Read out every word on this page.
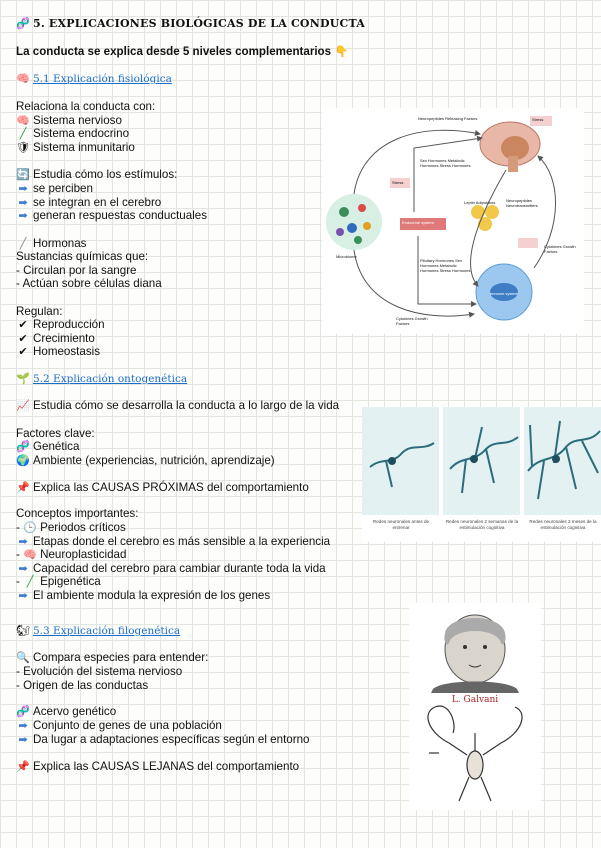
🧬 5. EXPLICACIONES BIOLÓGICAS DE LA CONDUCTA
La conducta se explica desde 5 niveles complementarios 👇
🧠 5.1 Explicación fisiológica
Relaciona la conducta con:
🧠 Sistema nervioso
╱ Sistema endocrino
🛡 Sistema inmunitario
🔄 Estudia cómo los estímulos:
➡ se perciben
➡ se integran en el cerebro
➡ generan respuestas conductuales
╱ Hormonas
Sustancias químicas que:
- Circulan por la sangre
- Actúan sobre células diana
Regulan:
✔ Reproducción
✔ Crecimiento
✔ Homeostasis
Neuropeptides Releasing Factors	Stress
Stress
Sex Hormones Metabolic Hormones Stress Hormones
Leptin Adipokines	Neuropeptides Neurotransmitters
Endocrine system
Microbiome
Pituitary Hormones Sex Hormones Metabolic Hormones Stress Hormones
Cytokines Growth Factors
Cytokines Growth Factors
Immune system
🌱 5.2 Explicación ontogenética
📈 Estudia cómo se desarrolla la conducta a lo largo de la vida
Factores clave:
🧬 Genética
🌍 Ambiente (experiencias, nutrición, aprendizaje)
📌 Explica las CAUSAS PRÓXIMAS del comportamiento
Conceptos importantes:
- 🕒 Periodos críticos
➡ Etapas donde el cerebro es más sensible a la experiencia
- 🧠 Neuroplasticidad
➡ Capacidad del cerebro para cambiar durante toda la vida
- ╱ Epigenética
➡ El ambiente modula la expresión de los genes
Redes neuronales antes de entrenar
Redes neuronales 2 semanas de la estimulación cognitiva
Redes neuronales 2 meses de la estimulación cognitiva
🐿 5.3 Explicación filogenética
🔍 Compara especies para entender:
- Evolución del sistema nervioso
- Origen de las conductas
🧬 Acervo genético
➡ Conjunto de genes de una población
➡ Da lugar a adaptaciones específicas según el entorno
📌 Explica las CAUSAS LEJANAS del comportamiento
L. Galvani
